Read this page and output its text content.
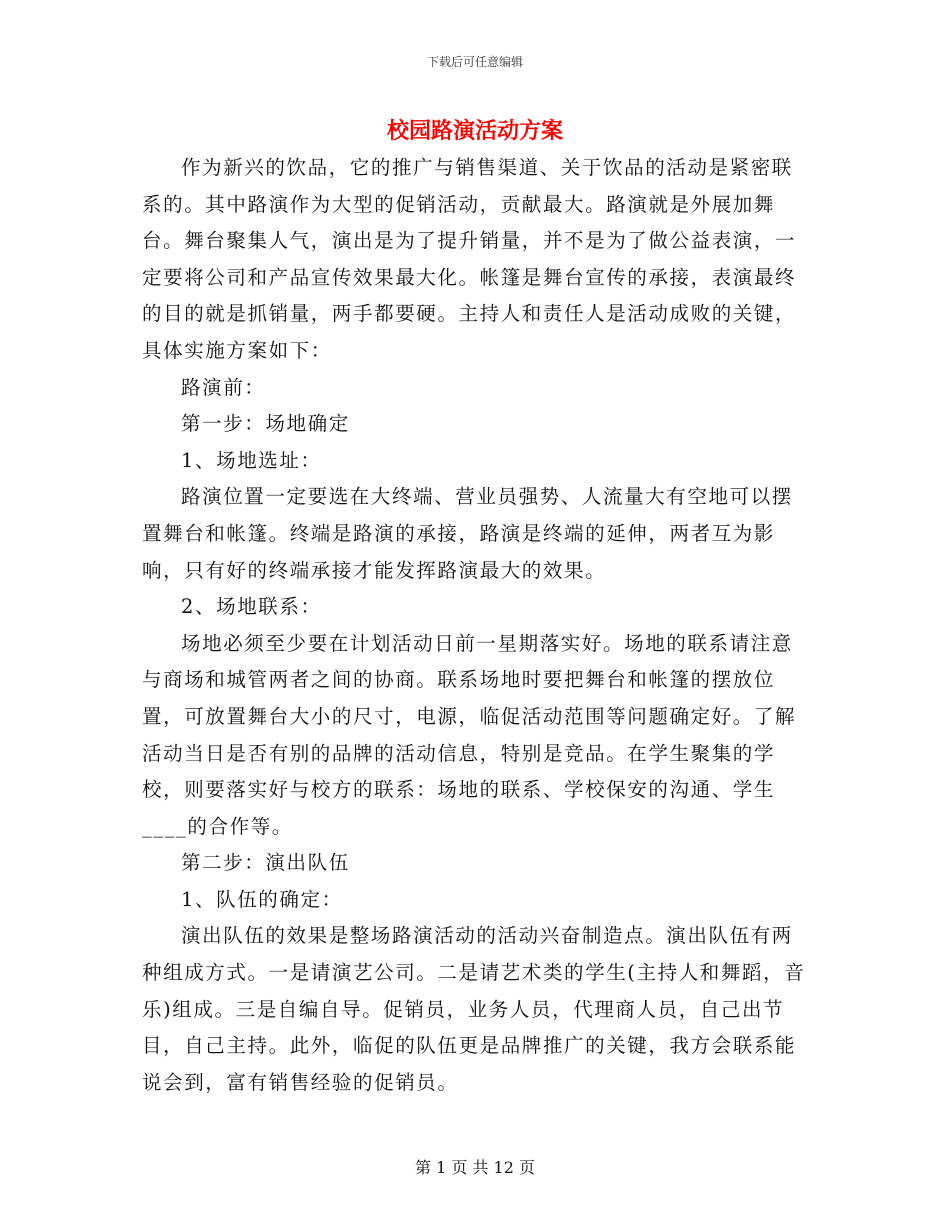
下载后可任意编辑
校园路演活动方案

作为新兴的饮品，它的推广与销售渠道、关于饮品的活动是紧密联系的。其中路演作为大型的促销活动，贡献最大。路演就是外展加舞台。舞台聚集人气，演出是为了提升销量，并不是为了做公益表演，一定要将公司和产品宣传效果最大化。帐篷是舞台宣传的承接，表演最终的目的就是抓销量，两手都要硬。主持人和责任人是活动成败的关键，具体实施方案如下：

路演前：

第一步：场地确定

1、场地选址：

路演位置一定要选在大终端、营业员强势、人流量大有空地可以摆置舞台和帐篷。终端是路演的承接，路演是终端的延伸，两者互为影响，只有好的终端承接才能发挥路演最大的效果。

2、场地联系：

场地必须至少要在计划活动日前一星期落实好。场地的联系请注意与商场和城管两者之间的协商。联系场地时要把舞台和帐篷的摆放位置，可放置舞台大小的尺寸，电源，临促活动范围等问题确定好。了解活动当日是否有别的品牌的活动信息，特别是竞品。在学生聚集的学校，则要落实好与校方的联系：场地的联系、学校保安的沟通、学生____的合作等。

第二步：演出队伍

1、队伍的确定：

演出队伍的效果是整场路演活动的活动兴奋制造点。演出队伍有两种组成方式。一是请演艺公司。二是请艺术类的学生(主持人和舞蹈，音乐)组成。三是自编自导。促销员，业务人员，代理商人员，自己出节目，自己主持。此外，临促的队伍更是品牌推广的关键，我方会联系能说会到，富有销售经验的促销员。

第 1 页 共 12 页
